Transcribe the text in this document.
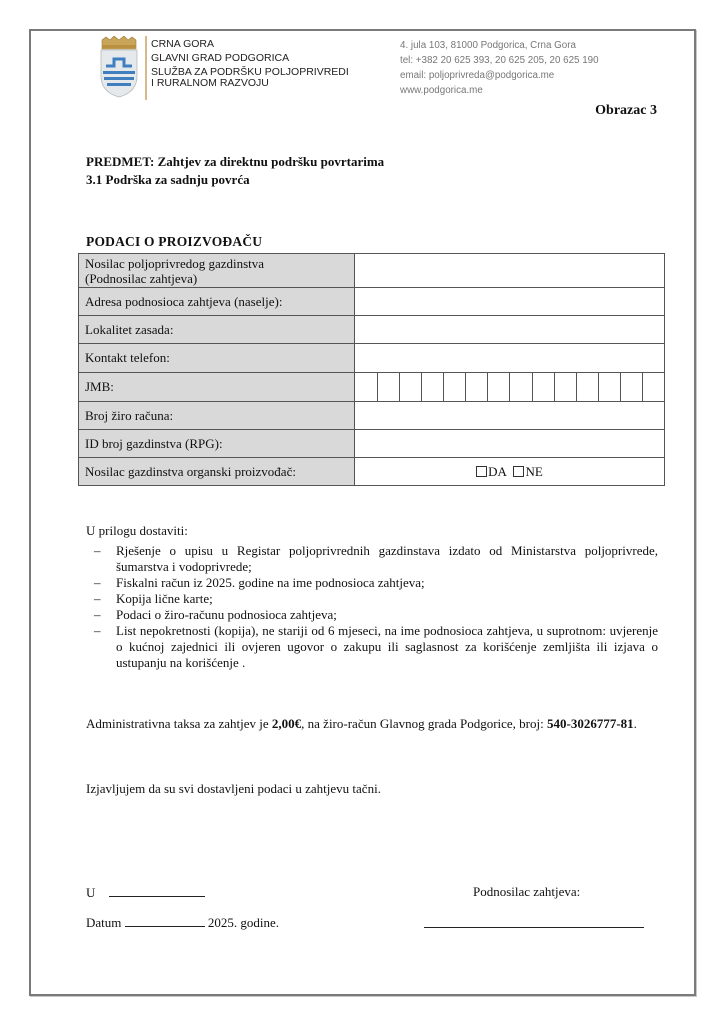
CRNA GORA
GLAVNI GRAD PODGORICA
SLUŽBA ZA PODRŠKU POLJOPRIVREDI
I RURALNOM RAZVOJU
4. jula 103, 81000 Podgorica, Crna Gora
tel: +382 20 625 393, 20 625 205, 20 625 190
email: poljoprivreda@podgorica.me
www.podgorica.me
Obrazac 3
PREDMET: Zahtjev za direktnu podršku povrtarima
3.1 Podrška za sadnju povrća
PODACI O PROIZVOĐAČU
Nosilac poljoprivredog gazdinstva
(Podnosilac zahtjeva)	

Adresa podnosioca zahtjeva (naselje):	
Lokalitet zasada:	
Kontakt telefon:	
JMB:	

Broj žiro računa:	
ID broj gazdinstva (RPG):	
Nosilac gazdinstva organski proizvođač:	DA NE
U prilogu dostaviti:
– Rješenje o upisu u Registar poljoprivrednih gazdinstava izdato od Ministarstva poljoprivrede, šumarstva i vodoprivrede;
– Fiskalni račun iz 2025. godine na ime podnosioca zahtjeva;
– Kopija lične karte;
– Podaci o žiro-računu podnosioca zahtjeva;
– List nepokretnosti (kopija), ne stariji od 6 mjeseci, na ime podnosioca zahtjeva, u suprotnom: uvjerenje o kućnoj zajednici ili ovjeren ugovor o zakupu ili saglasnost za korišćenje zemljišta ili izjava o ustupanju na korišćenje .
Administrativna taksa za zahtjev je 2,00€, na žiro-račun Glavnog grada Podgorice, broj: 540-3026777-81.
Izjavljujem da su svi dostavljeni podaci u zahtjevu tačni.
U
Datum	2025. godine.
Podnosilac zahtjeva:
